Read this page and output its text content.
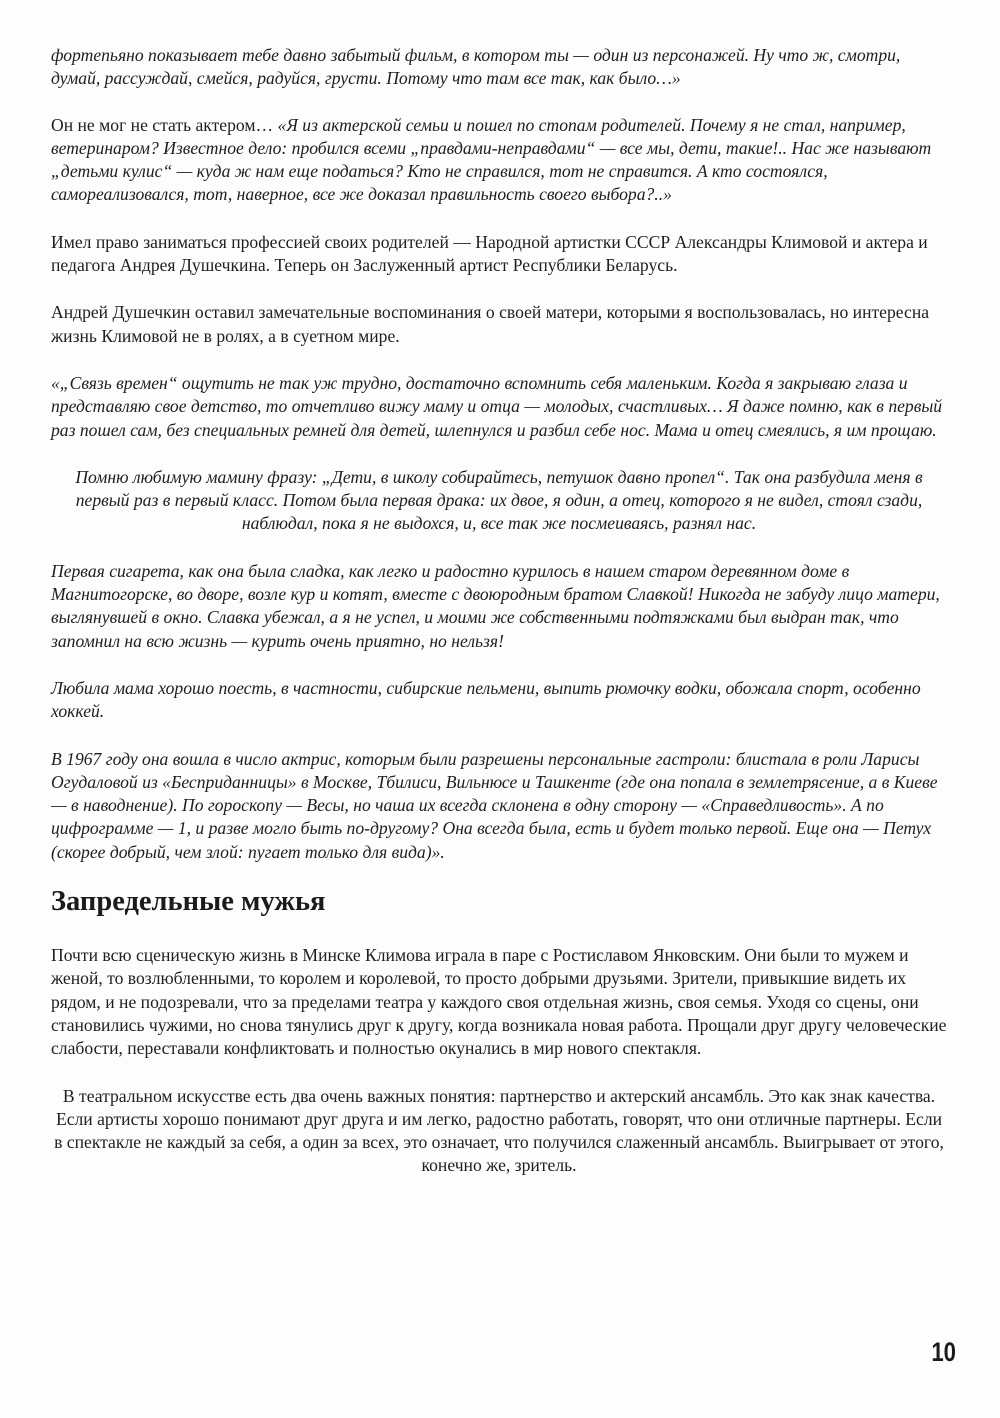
фортепьяно показывает тебе давно забытый фильм, в котором ты — один из персонажей. Ну что ж, смотри, думай, рассуждай, смейся, радуйся, грусти. Потому что там все так, как было…»

Он не мог не стать актером… «Я из актерской семьи и пошел по стопам родителей. Почему я не стал, например, ветеринаром? Известное дело: пробился всеми „правдами-неправдами“ — все мы, дети, такие!.. Нас же называют „детьми кулис“ — куда ж нам еще податься? Кто не справился, тот не справится. А кто состоялся, самореализовался, тот, наверное, все же доказал правильность своего выбора?..»

Имел право заниматься профессией своих родителей — Народной артистки СССР Александры Климовой и актера и педагога Андрея Душечкина. Теперь он Заслуженный артист Республики Беларусь.

Андрей Душечкин оставил замечательные воспоминания о своей матери, которыми я воспользовалась, но интересна жизнь Климовой не в ролях, а в суетном мире.

«„Связь времен“ ощутить не так уж трудно, достаточно вспомнить себя маленьким. Когда я закрываю глаза и представляю свое детство, то отчетливо вижу маму и отца — молодых, счастливых… Я даже помню, как в первый раз пошел сам, без специальных ремней для детей, шлепнулся и разбил себе нос. Мама и отец смеялись, я им прощаю.

Помню любимую мамину фразу: „Дети, в школу собирайтесь, петушок давно пропел“. Так она разбудила меня в первый раз в первый класс. Потом была первая драка: их двое, я один, а отец, которого я не видел, стоял сзади, наблюдал, пока я не выдохся, и, все так же посмеиваясь, разнял нас.

Первая сигарета, как она была сладка, как легко и радостно курилось в нашем старом деревянном доме в Магнитогорске, во дворе, возле кур и котят, вместе с двоюродным братом Славкой! Никогда не забуду лицо матери, выглянувшей в окно. Славка убежал, а я не успел, и моими же собственными подтяжками был выдран так, что запомнил на всю жизнь — курить очень приятно, но нельзя!

Любила мама хорошо поесть, в частности, сибирские пельмени, выпить рюмочку водки, обожала спорт, особенно хоккей.

В 1967 году она вошла в число актрис, которым были разрешены персональные гастроли: блистала в роли Ларисы Огудаловой из «Бесприданницы» в Москве, Тбилиси, Вильнюсе и Ташкенте (где она попала в землетрясение, а в Киеве — в наводнение). По гороскопу — Весы, но чаша их всегда склонена в одну сторону — «Справедливость». А по цифрограмме — 1, и разве могло быть по-другому? Она всегда была, есть и будет только первой. Еще она — Петух (скорее добрый, чем злой: пугает только для вида)».

Запредельные мужья

Почти всю сценическую жизнь в Минске Климова играла в паре с Ростиславом Янковским. Они были то мужем и женой, то возлюбленными, то королем и королевой, то просто добрыми друзьями. Зрители, привыкшие видеть их рядом, и не подозревали, что за пределами театра у каждого своя отдельная жизнь, своя семья. Уходя со сцены, они становились чужими, но снова тянулись друг к другу, когда возникала новая работа. Прощали друг другу человеческие слабости, переставали конфликтовать и полностью окунались в мир нового спектакля.

В театральном искусстве есть два очень важных понятия: партнерство и актерский ансамбль. Это как знак качества. Если артисты хорошо понимают друг друга и им легко, радостно работать, говорят, что они отличные партнеры. Если в спектакле не каждый за себя, а один за всех, это означает, что получился слаженный ансамбль. Выигрывает от этого, конечно же, зритель.

10
